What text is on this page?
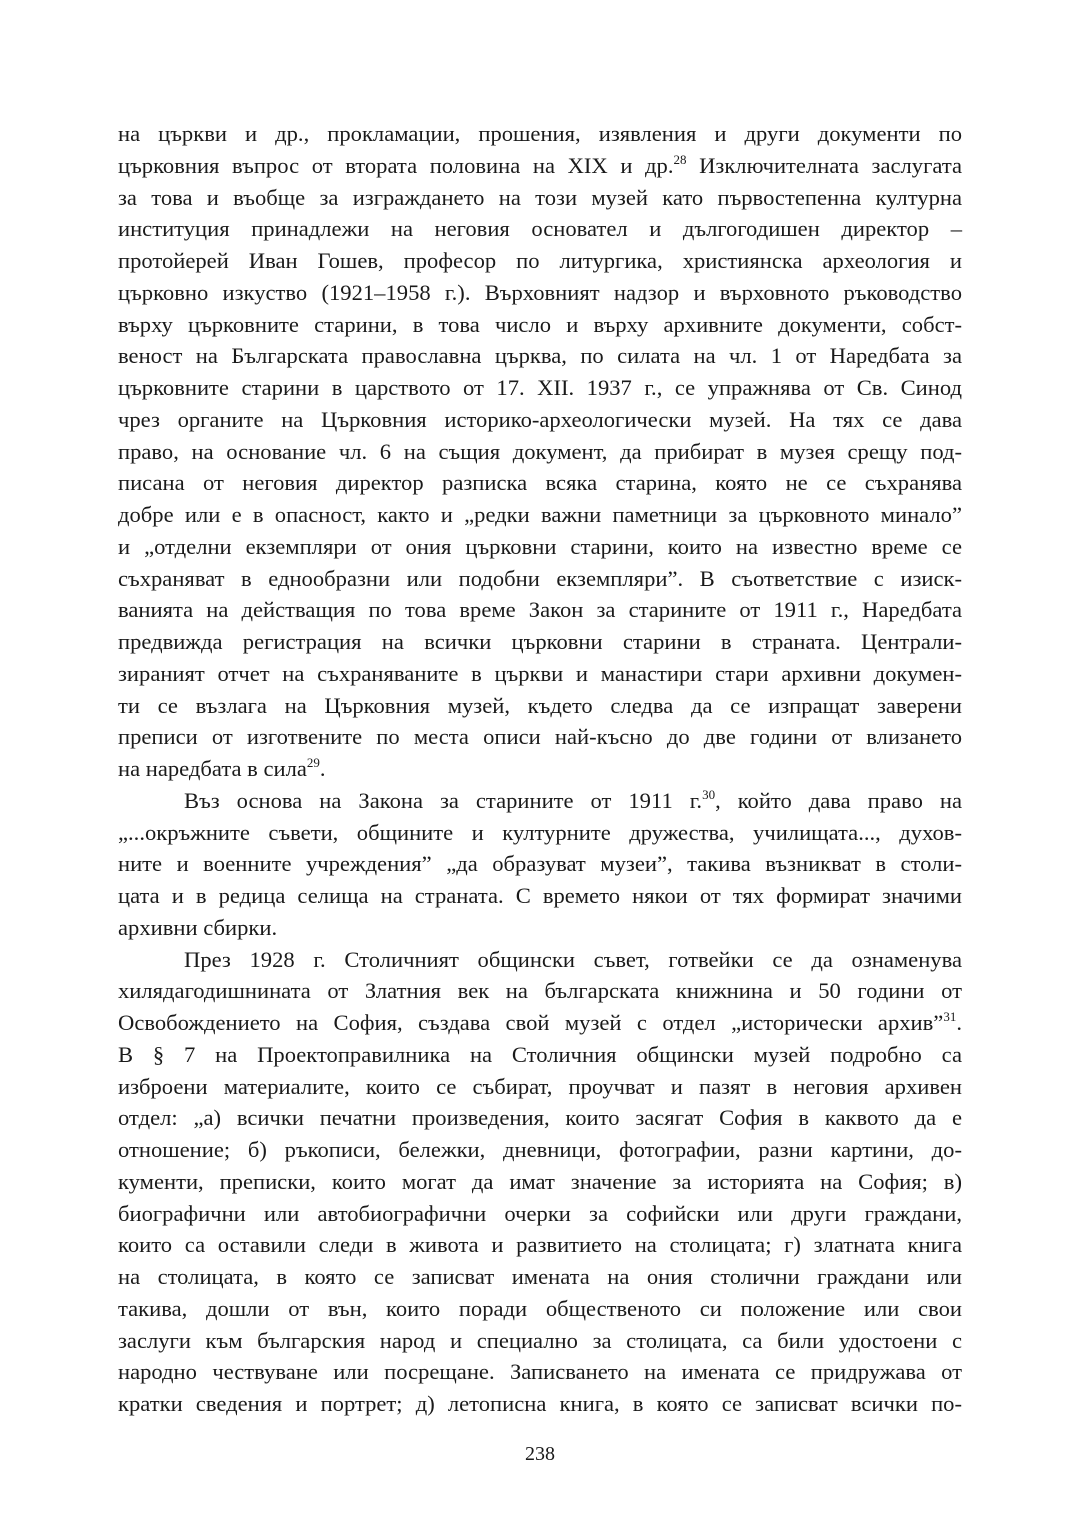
на църкви и др., прокламации, прошения, изявления и други документи по
църковния въпрос от втората половина на XIX и др.$^{28}$ Изключителната заслугата
за това и въобще за изграждането на този музей като първостепенна културна
институция принадлежи на неговия основател и дългогодишен директор –
протойерей Иван Гошев, професор по литургика, християнска археология и
църковно изкуство (1921–1958 г.). Върховният надзор и върховното ръководство
върху църковните старини, в това число и върху архивните документи, собст-
веност на Българската православна църква, по силата на чл. 1 от Наредбата за
църковните старини в царството от 17. XII. 1937 г., се упражнява от Св. Синод
чрез органите на Църковния историко-археологически музей. На тях се дава
право, на основание чл. 6 на същия документ, да прибират в музея срещу под-
писана от неговия директор разписка всяка старина, която не се съхранява
добре или е в опасност, както и „редки важни паметници за църковното минало”
и „отделни екземпляри от ония църковни старини, които на известно време се
съхраняват в еднообразни или подобни екземпляри”. В съответствие с изиск-
ванията на действащия по това време Закон за старините от 1911 г., Наредбата
предвижда регистрация на всички църковни старини в страната. Централи-
зираният отчет на съхраняваните в църкви и манастири стари архивни докумен-
ти се възлага на Църковния музей, където следва да се изпращат заверени
преписи от изготвените по места описи най-късно до две години от влизането
на наредбата в сила$^{29}$.
Въз основа на Закона за старините от 1911 г.$^{30}$, който дава право на
„...окръжните съвети, общините и културните дружества, училищата..., духов-
ните и военните учреждения” „да образуват музеи”, такива възникват в столи-
цата и в редица селища на страната. С времето някои от тях формират значими
архивни сбирки.
През 1928 г. Столичният общински съвет, готвейки се да ознаменува
хилядагодишнината от Златния век на българската книжнина и 50 години от
Освобождението на София, създава свой музей с отдел „исторически архив”$^{31}$.
В § 7 на Проектоправилника на Столичния общински музей подробно са
изброени материалите, които се събират, проучват и пазят в неговия архивен
отдел: „а) всички печатни произведения, които засягат София в каквото да е
отношение; б) ръкописи, бележки, дневници, фотографии, разни картини, до-
кументи, преписки, които могат да имат значение за историята на София; в)
биографични или автобиографични очерки за софийски или други граждани,
които са оставили следи в живота и развитието на столицата; г) златната книга
на столицата, в която се записват имената на ония столични граждани или
такива, дошли от вън, които поради общественото си положение или свои
заслуги към българския народ и специално за столицата, са били удостоени с
народно чествуване или посрещане. Записването на имената се придружава от
кратки сведения и портрет; д) летописна книга, в която се записват всички по-
238
